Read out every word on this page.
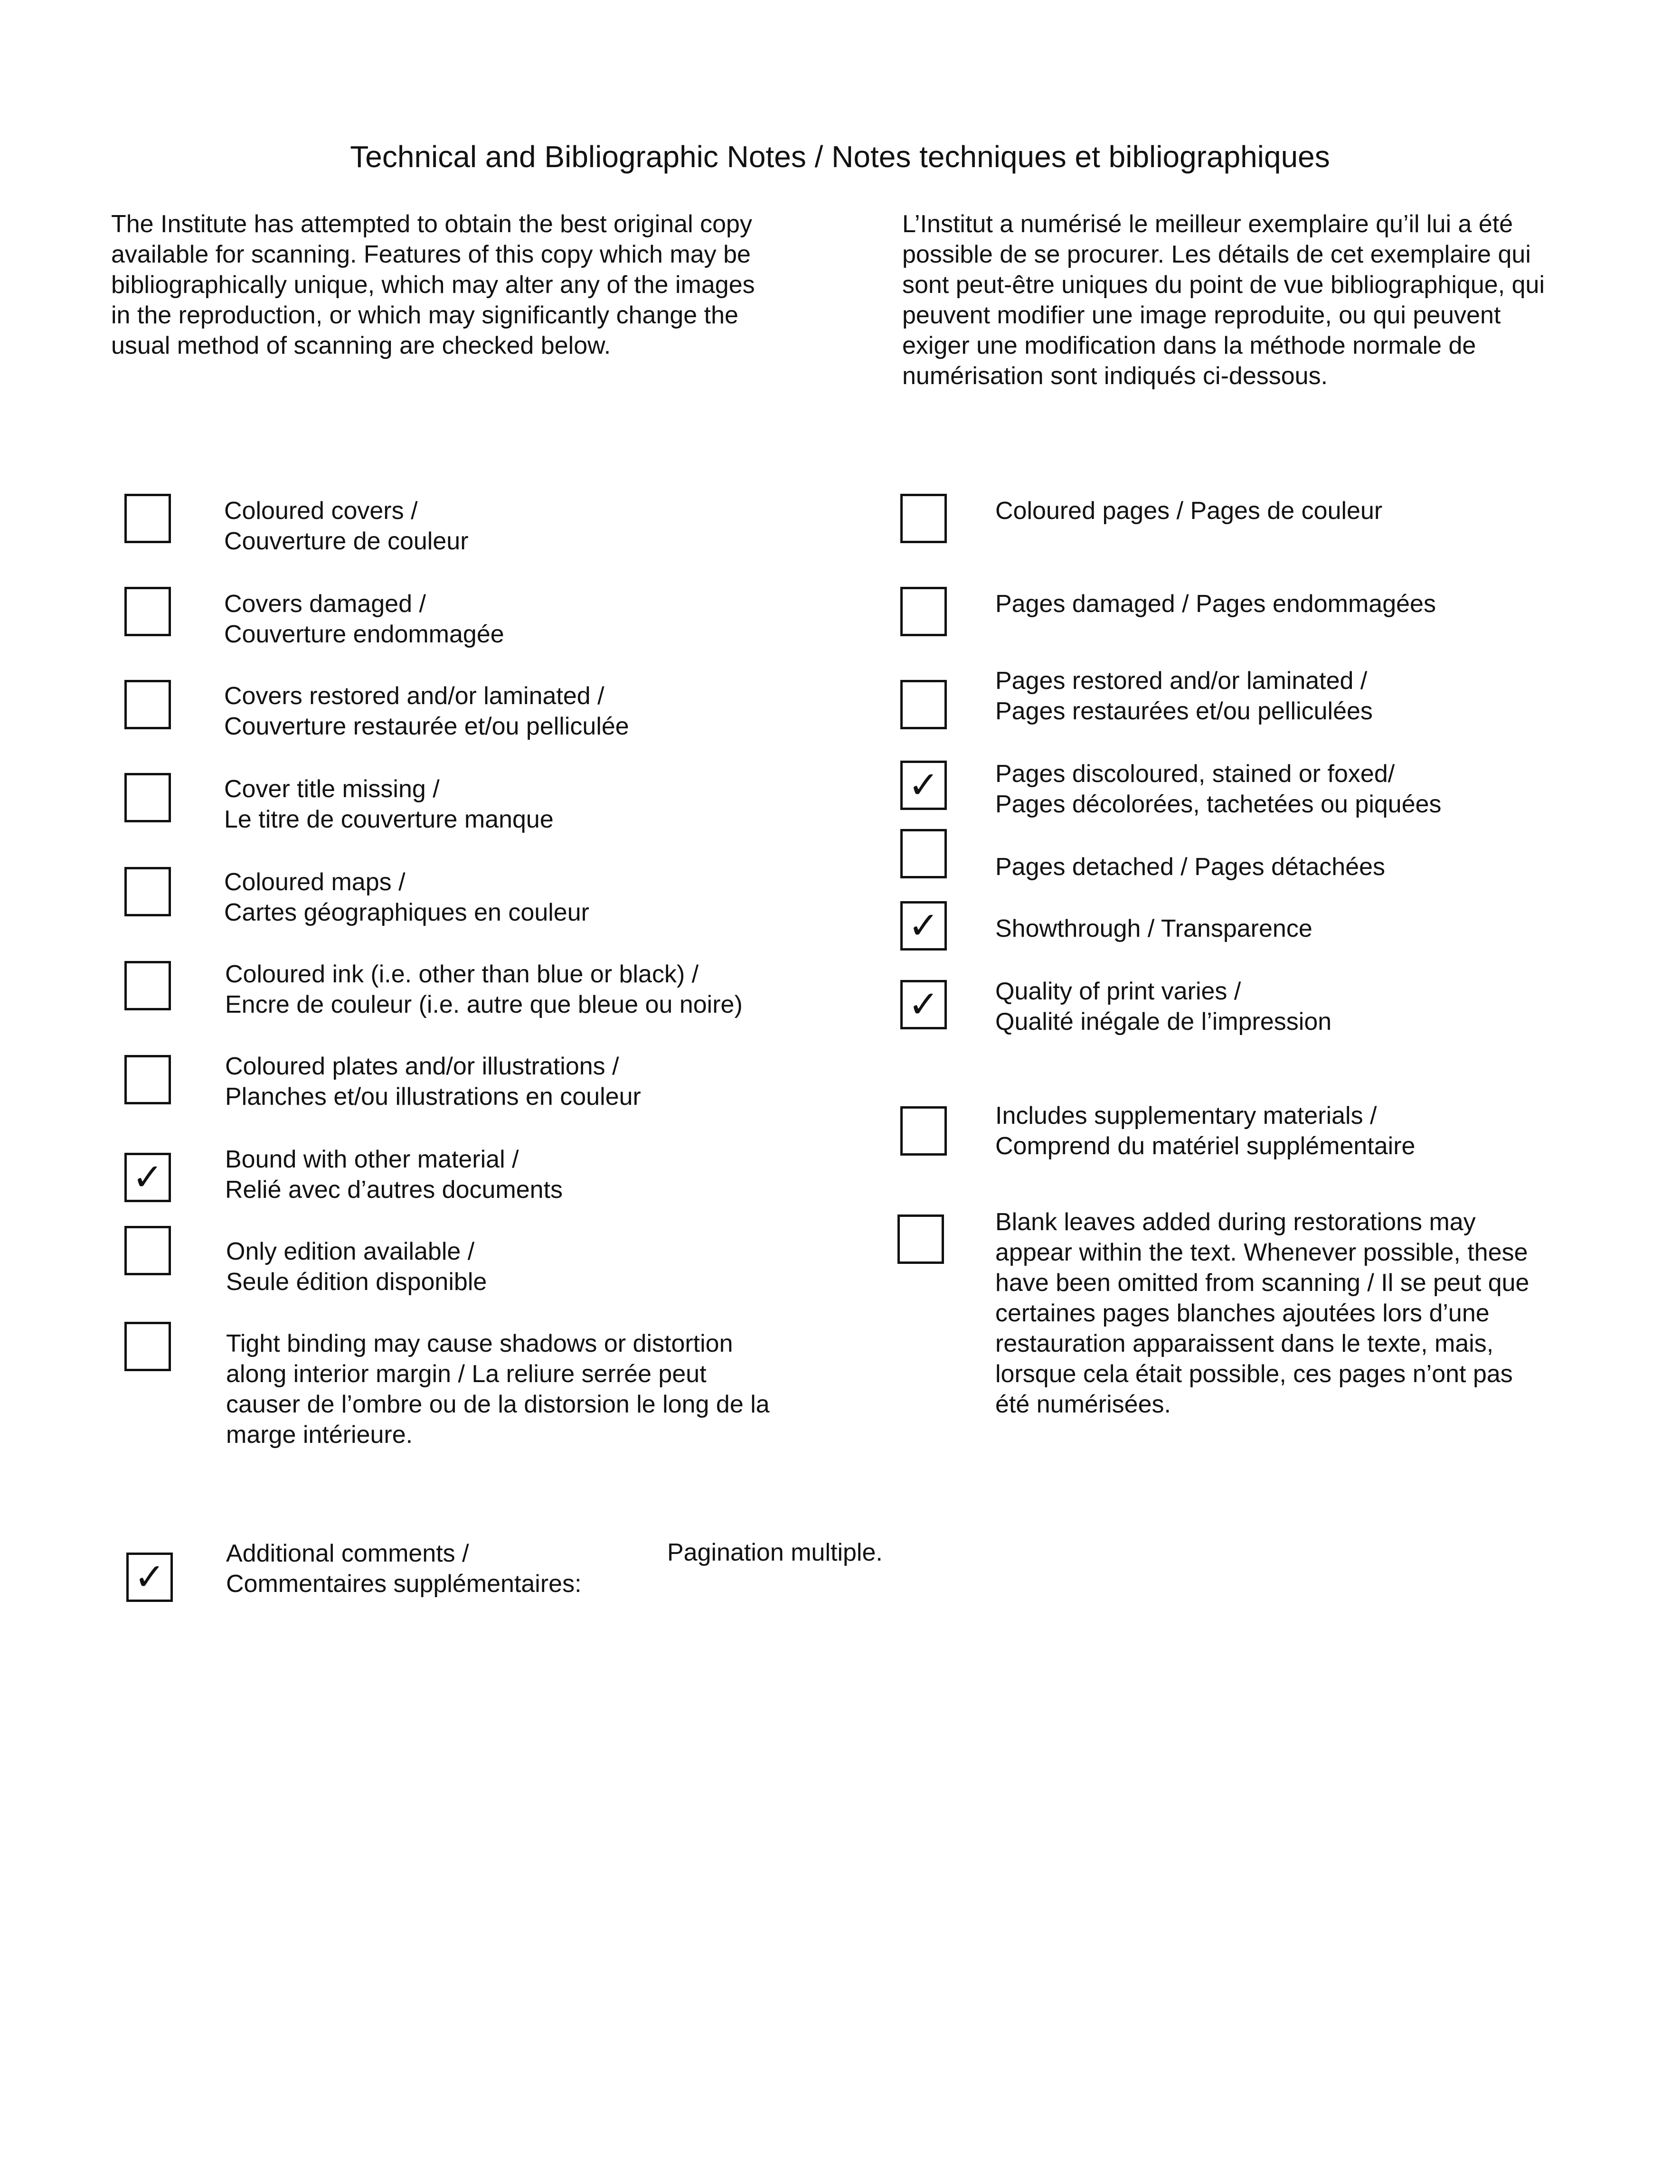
Technical and Bibliographic Notes / Notes techniques et bibliographiques
The Institute has attempted to obtain the best original copy
available for scanning. Features of this copy which may be
bibliographically unique, which may alter any of the images
in the reproduction, or which may significantly change the
usual method of scanning are checked below.
L’Institut a numérisé le meilleur exemplaire qu’il lui a été
possible de se procurer. Les détails de cet exemplaire qui
sont peut-être uniques du point de vue bibliographique, qui
peuvent modifier une image reproduite, ou qui peuvent
exiger une modification dans la méthode normale de
numérisation sont indiqués ci-dessous.
Coloured covers /
Couverture de couleur
Covers damaged /
Couverture endommagée
Covers restored and/or laminated /
Couverture restaurée et/ou pelliculée
Cover title missing /
Le titre de couverture manque
Coloured maps /
Cartes géographiques en couleur
Coloured ink (i.e. other than blue or black) /
Encre de couleur (i.e. autre que bleue ou noire)
Coloured plates and/or illustrations /
Planches et/ou illustrations en couleur
✓	Bound with other material /
Relié avec d’autres documents
Only edition available /
Seule édition disponible
Tight binding may cause shadows or distortion
along interior margin / La reliure serrée peut
causer de l’ombre ou de la distorsion le long de la
marge intérieure.
Coloured pages / Pages de couleur
Pages damaged / Pages endommagées
Pages restored and/or laminated /
Pages restaurées et/ou pelliculées
✓ Pages discoloured, stained or foxed/
Pages décolorées, tachetées ou piquées
Pages detached / Pages détachées
✓ Showthrough / Transparence
✓ Quality of print varies /
Qualité inégale de l’impression
Includes supplementary materials /
Comprend du matériel supplémentaire
Blank leaves added during restorations may
appear within the text. Whenever possible, these
have been omitted from scanning / Il se peut que
certaines pages blanches ajoutées lors d’une
restauration apparaissent dans le texte, mais,
lorsque cela était possible, ces pages n’ont pas
été numérisées.
✓
Additional comments /
Commentaires supplémentaires:
Pagination multiple.
